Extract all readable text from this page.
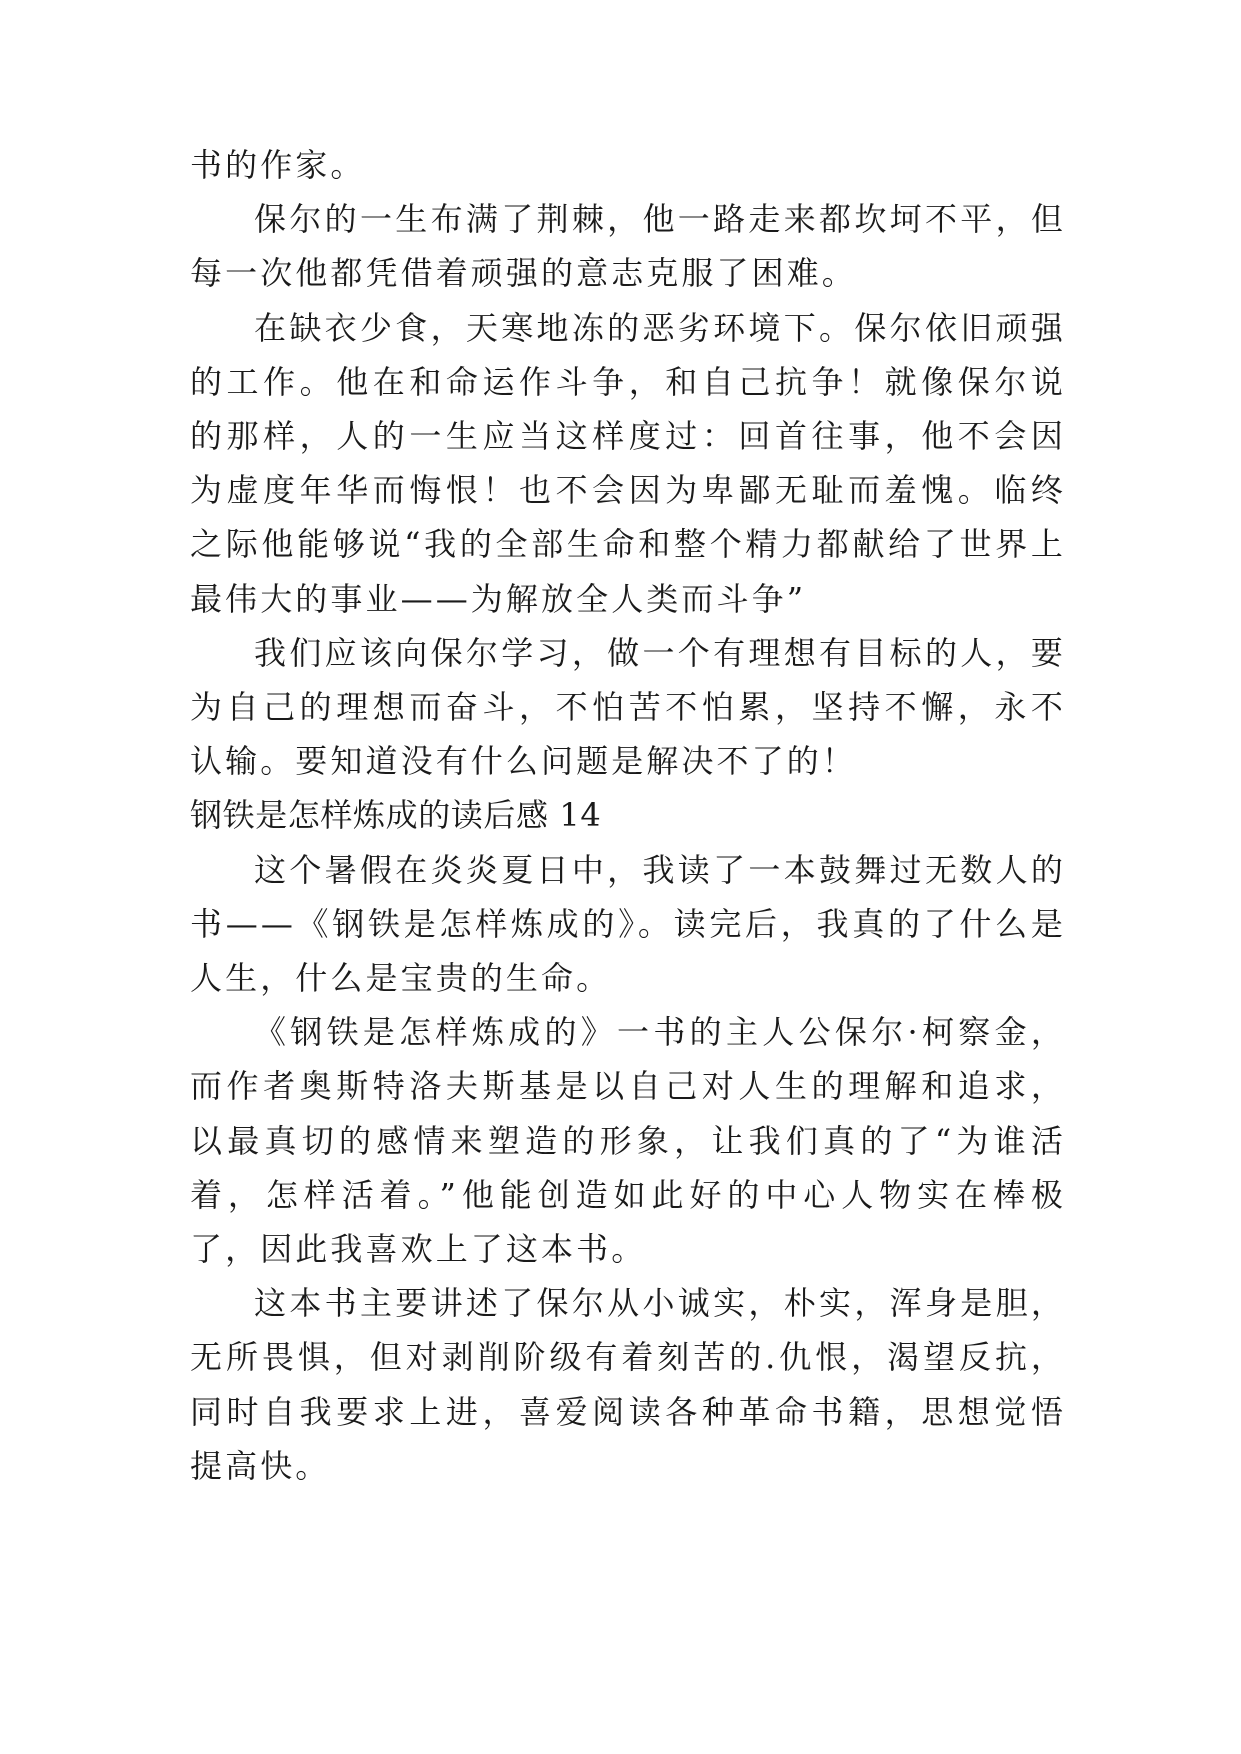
书的作家。

保尔的一生布满了荆棘，他一路走来都坎坷不平，但每一次他都凭借着顽强的意志克服了困难。

在缺衣少食，天寒地冻的恶劣环境下。保尔依旧顽强的工作。他在和命运作斗争，和自己抗争！就像保尔说的那样，人的一生应当这样度过：回首往事，他不会因为虚度年华而悔恨！也不会因为卑鄙无耻而羞愧。临终之际他能够说“我的全部生命和整个精力都献给了世界上最伟大的事业——为解放全人类而斗争”

我们应该向保尔学习，做一个有理想有目标的人，要为自己的理想而奋斗，不怕苦不怕累，坚持不懈，永不认输。要知道没有什么问题是解决不了的！

钢铁是怎样炼成的读后感 14

这个暑假在炎炎夏日中，我读了一本鼓舞过无数人的书——《钢铁是怎样炼成的》。读完后，我真的了什么是人生，什么是宝贵的生命。

《钢铁是怎样炼成的》一书的主人公保尔·柯察金，而作者奥斯特洛夫斯基是以自己对人生的理解和追求，以最真切的感情来塑造的形象，让我们真的了“为谁活着，怎样活着。”他能创造如此好的中心人物实在棒极了，因此我喜欢上了这本书。

这本书主要讲述了保尔从小诚实，朴实，浑身是胆，无所畏惧，但对剥削阶级有着刻苦的.仇恨，渴望反抗，同时自我要求上进，喜爱阅读各种革命书籍，思想觉悟提高快。
